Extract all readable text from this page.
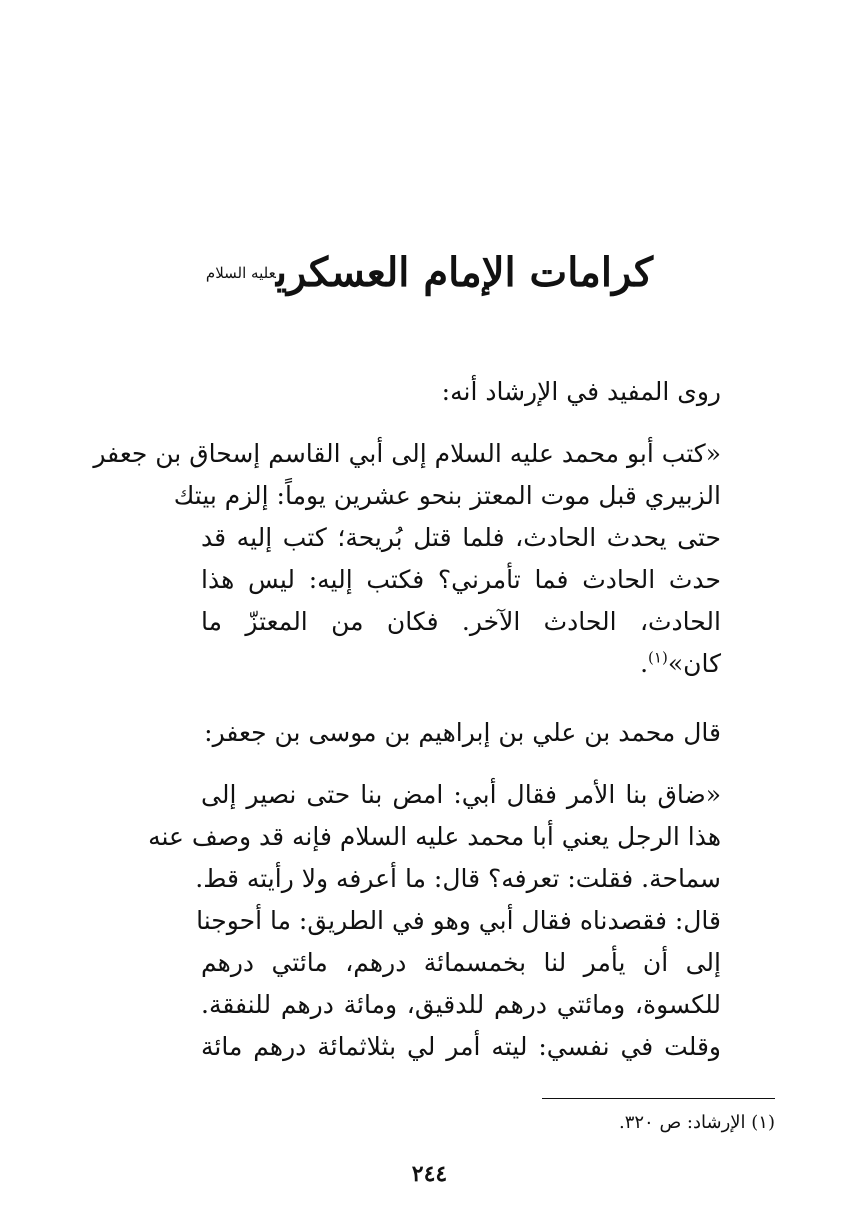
كرامات الإمام العسكري$^{عليه السلام}$

روى المفيد في الإرشاد أنه:

«كتب أبو محمد عليه السلام إلى أبي القاسم إسحاق بن جعفر
الزبيري قبل موت المعتز بنحو عشرين يوماً: إلزم بيتك
حتى يحدث الحادث، فلما قتل بُريحة؛ كتب إليه قد
حدث الحادث فما تأمرني؟ فكتب إليه: ليس هذا
الحادث، الحادث الآخر. فكان من المعتزّ ما
كان»$^{(١)}$.

قال محمد بن علي بن إبراهيم بن موسى بن جعفر:

«ضاق بنا الأمر فقال أبي: امض بنا حتى نصير إلى
هذا الرجل يعني أبا محمد عليه السلام فإنه قد وصف عنه
سماحة. فقلت: تعرفه؟ قال: ما أعرفه ولا رأيته قط.
قال: فقصدناه فقال أبي وهو في الطريق: ما أحوجنا
إلى أن يأمر لنا بخمسمائة درهم، مائتي درهم
للكسوة، ومائتي درهم للدقيق، ومائة درهم للنفقة.
وقلت في نفسي: ليته أمر لي بثلاثمائة درهم مائة

(١) الإرشاد: ص ٣٢٠.

٢٤٤
